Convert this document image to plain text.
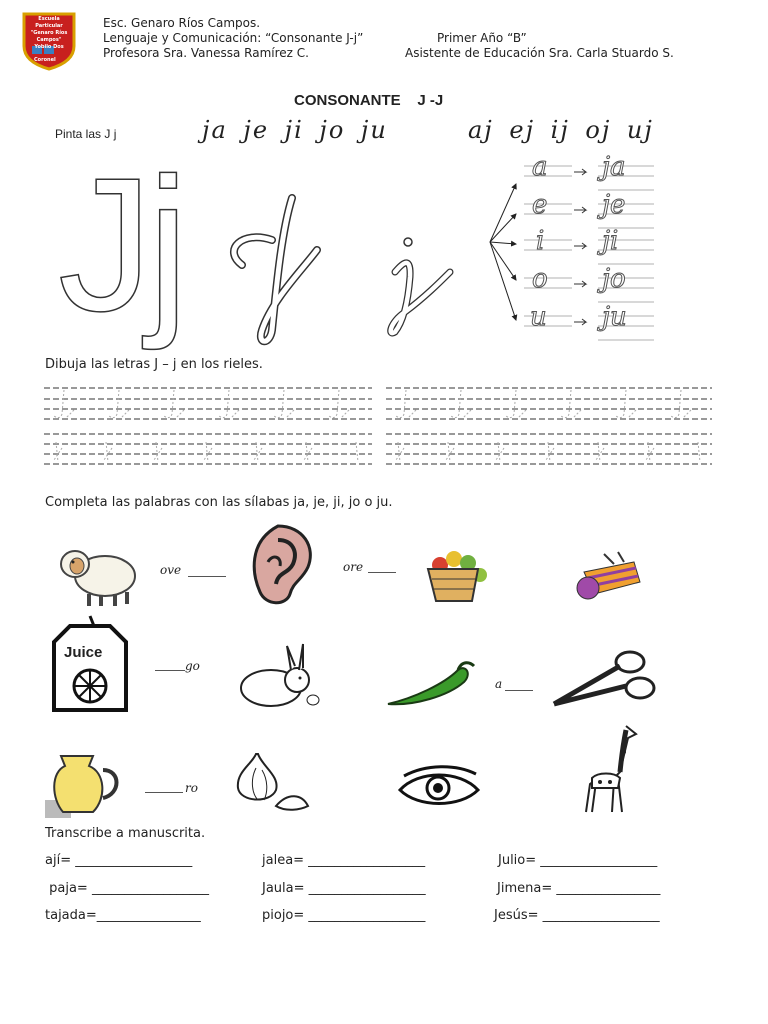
Escuela Particular
"Genaro Ríos Campos"
Yobilo Dos
Coronel
Esc. Genaro Ríos Campos.
Lenguaje y Comunicación: “Consonante J-j”	Primer Año “B”
Profesora Sra. Vanessa Ramírez C.	Asistente de Educación Sra. Carla Stuardo S.
CONSONANTE    J -J
Pinta las J j	ja je ji jo ju	aj ej ij oj uj
Jj	a
e
i
o
u
ja
je
ji
jo
ju
Dibuja las letras J – j en los rieles.
Completa las palabras con las sílabas ja, je, ji, jo o ju.
ove	ore
Juice
go
a
ro
Transcribe a manuscrita.
ají= __________________	jalea= __________________	Julio= __________________
paja= __________________	Jaula= __________________	Jimena= ________________
tajada=________________	piojo= __________________	Jesús= __________________
